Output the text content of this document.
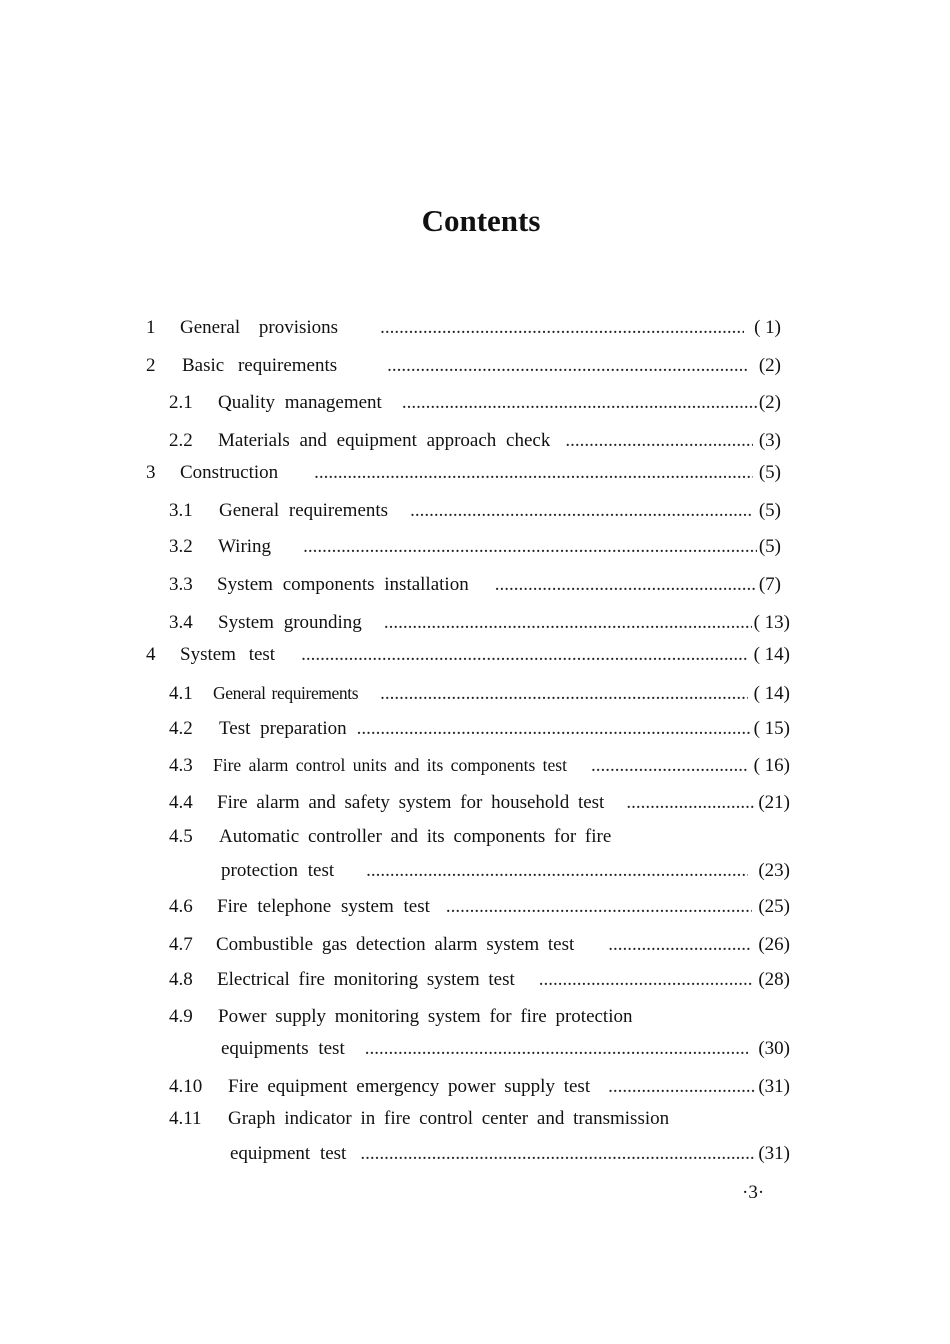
Contents
1	General provisions .....	( 1)
2	Basic requirements .....	(2)
2.1	Quality management .....	(2)
2.2	Materials and equipment approach check .....	(3)
3	Construction .....	(5)
3.1	General requirements .....	(5)
3.2	Wiring .....	(5)
3.3	System components installation .....	(7)
3.4	System grounding .....	( 13)
4	System test .....	( 14)
4.1	General requirements .....	( 14)
4.2	Test preparation .....	( 15)
4.3	Fire alarm control units and its components test .....	( 16)
4.4	Fire alarm and safety system for household test .....	(21)
4.5	Automatic controller and its components for fire
protection test .....	(23)
4.6	Fire telephone system test .....	(25)
4.7	Combustible gas detection alarm system test .....	(26)
4.8	Electrical fire monitoring system test .....	(28)
4.9	Power supply monitoring system for fire protection
equipments test .....	(30)
4.10	Fire equipment emergency power supply test .....	(31)
4.11	Graph indicator in fire control center and transmission
equipment test .....	(31)
·3·
